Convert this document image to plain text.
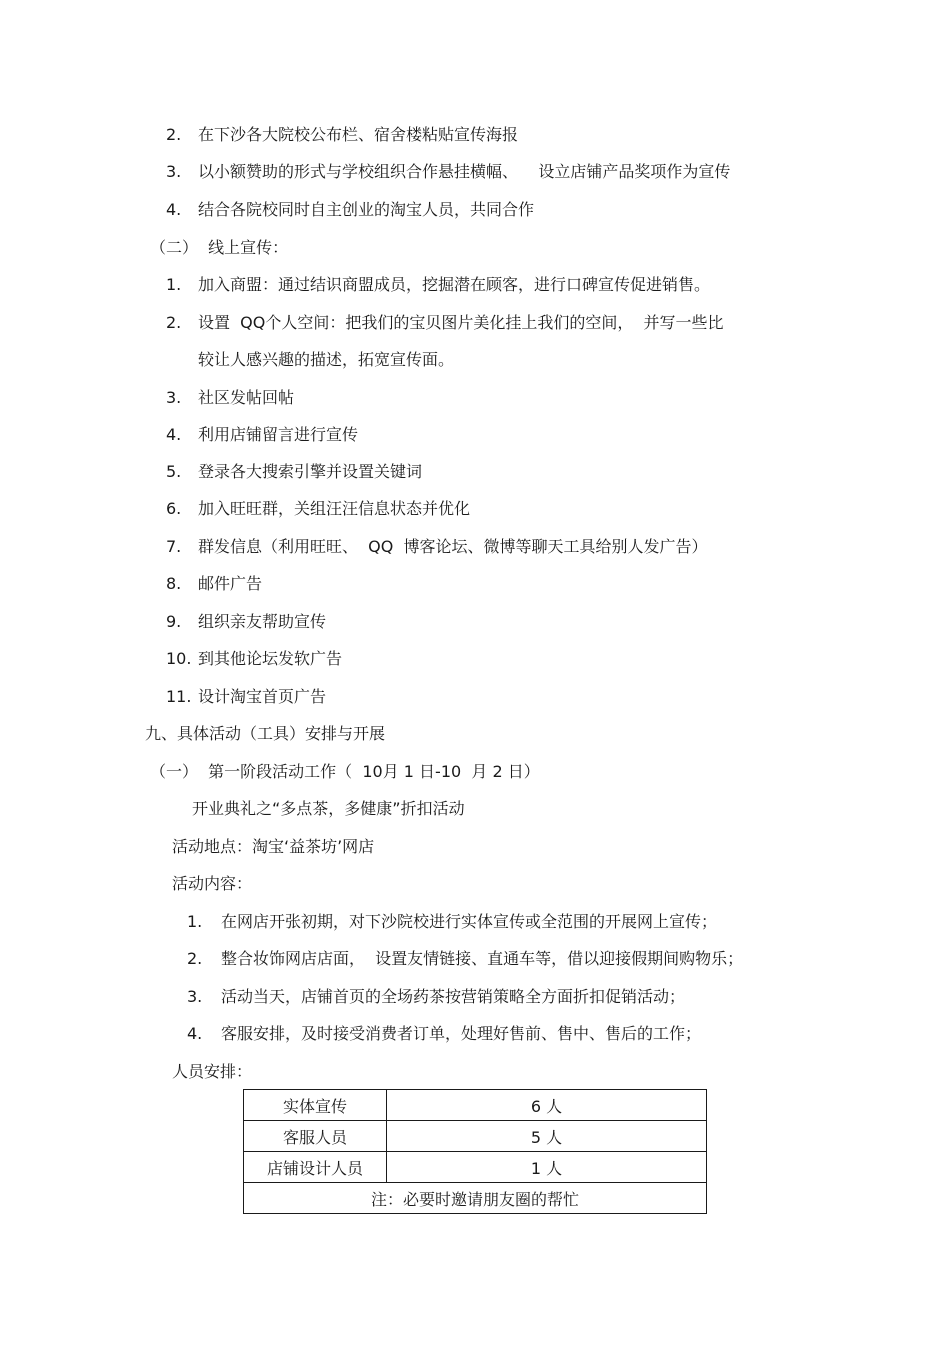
2. 在下沙各大院校公布栏、宿舍楼粘贴宣传海报
3. 以小额赞助的形式与学校组织合作悬挂横幅、    设立店铺产品奖项作为宣传
4. 结合各院校同时自主创业的淘宝人员，共同合作
（二）  线上宣传：
1. 加入商盟：通过结识商盟成员，挖掘潜在顾客，进行口碑宣传促进销售。
2. 设置  QQ个人空间：把我们的宝贝图片美化挂上我们的空间，  并写一些比
较让人感兴趣的描述，拓宽宣传面。
3. 社区发帖回帖
4. 利用店铺留言进行宣传
5. 登录各大搜索引擎并设置关键词
6. 加入旺旺群，关组汪汪信息状态并优化
7. 群发信息（利用旺旺、  QQ  博客论坛、微博等聊天工具给别人发广告）
8. 邮件广告
9. 组织亲友帮助宣传
10. 到其他论坛发软广告
11. 设计淘宝首页广告
九、具体活动（工具）安排与开展
（一）  第一阶段活动工作（  10月 1 日-10  月 2 日）
开业典礼之“多点茶，多健康”折扣活动
活动地点：淘宝‘益茶坊’网店
活动内容：
1. 在网店开张初期，对下沙院校进行实体宣传或全范围的开展网上宣传；
2. 整合妆饰网店店面，  设置友情链接、直通车等，借以迎接假期间购物乐；
3. 活动当天，店铺首页的全场药茶按营销策略全方面折扣促销活动；
4. 客服安排，及时接受消费者订单，处理好售前、售中、售后的工作；
人员安排：
实体宣传	6 人
客服人员	5 人
店铺设计人员	1 人
注：必要时邀请朋友圈的帮忙	
